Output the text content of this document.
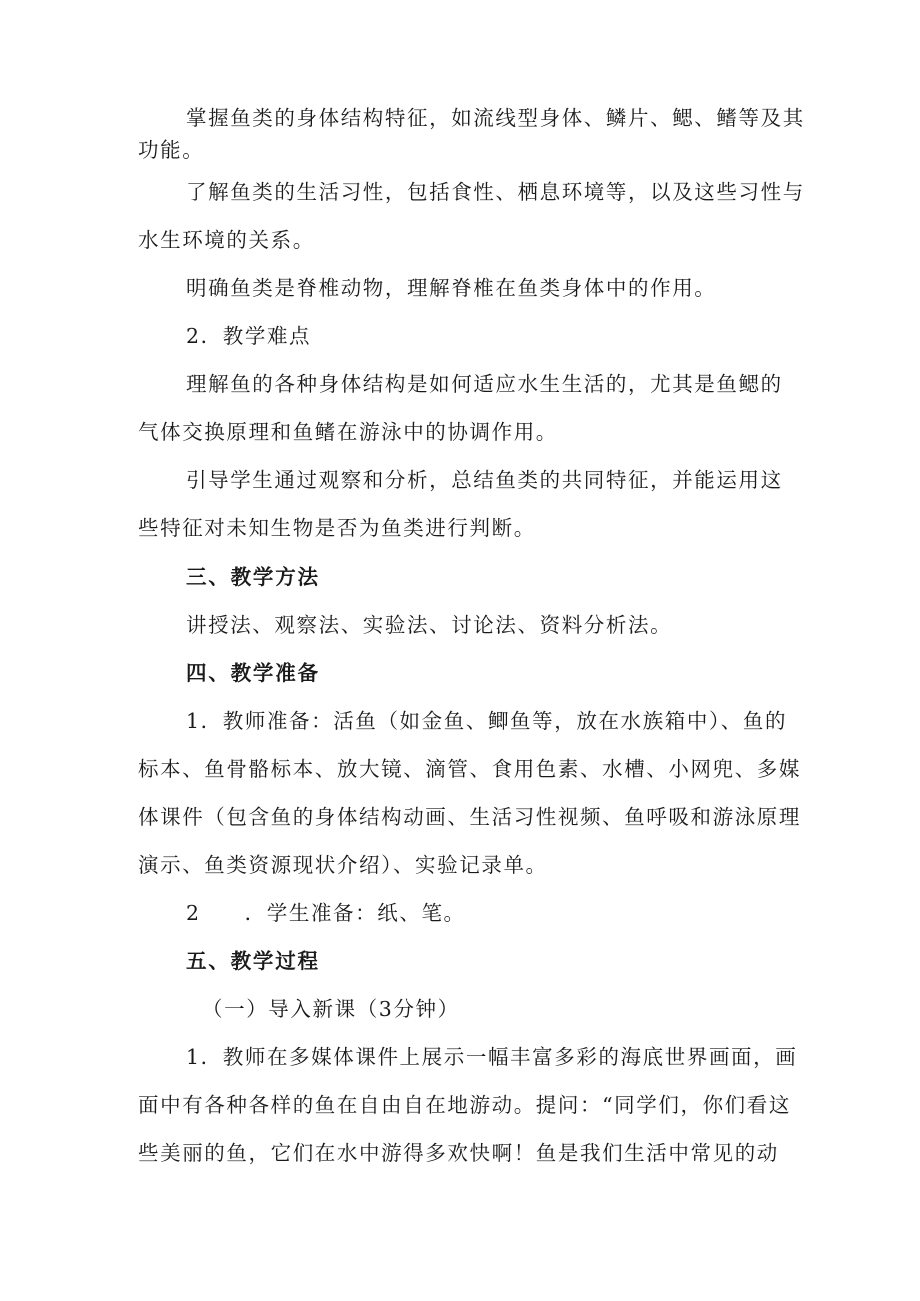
掌握鱼类的身体结构特征，如流线型身体、鳞片、鳃、鳍等及其
功能。
了解鱼类的生活习性，包括食性、栖息环境等，以及这些习性与
水生环境的关系。
明确鱼类是脊椎动物，理解脊椎在鱼类身体中的作用。
2．教学难点
理解鱼的各种身体结构是如何适应水生生活的，尤其是鱼鳃的
气体交换原理和鱼鳍在游泳中的协调作用。
引导学生通过观察和分析，总结鱼类的共同特征，并能运用这
些特征对未知生物是否为鱼类进行判断。
三、教学方法
讲授法、观察法、实验法、讨论法、资料分析法。
四、教学准备
1．教师准备：活鱼（如金鱼、鲫鱼等，放在水族箱中）、鱼的
标本、鱼骨骼标本、放大镜、滴管、食用色素、水槽、小网兜、多媒
体课件（包含鱼的身体结构动画、生活习性视频、鱼呼吸和游泳原理
演示、鱼类资源现状介绍）、实验记录单。
2 ．学生准备：纸、笔。
五、教学过程
（一）导入新课（3分钟）
1．教师在多媒体课件上展示一幅丰富多彩的海底世界画面，画
面中有各种各样的鱼在自由自在地游动。提问：“同学们，你们看这
些美丽的鱼，它们在水中游得多欢快啊！鱼是我们生活中常见的动
